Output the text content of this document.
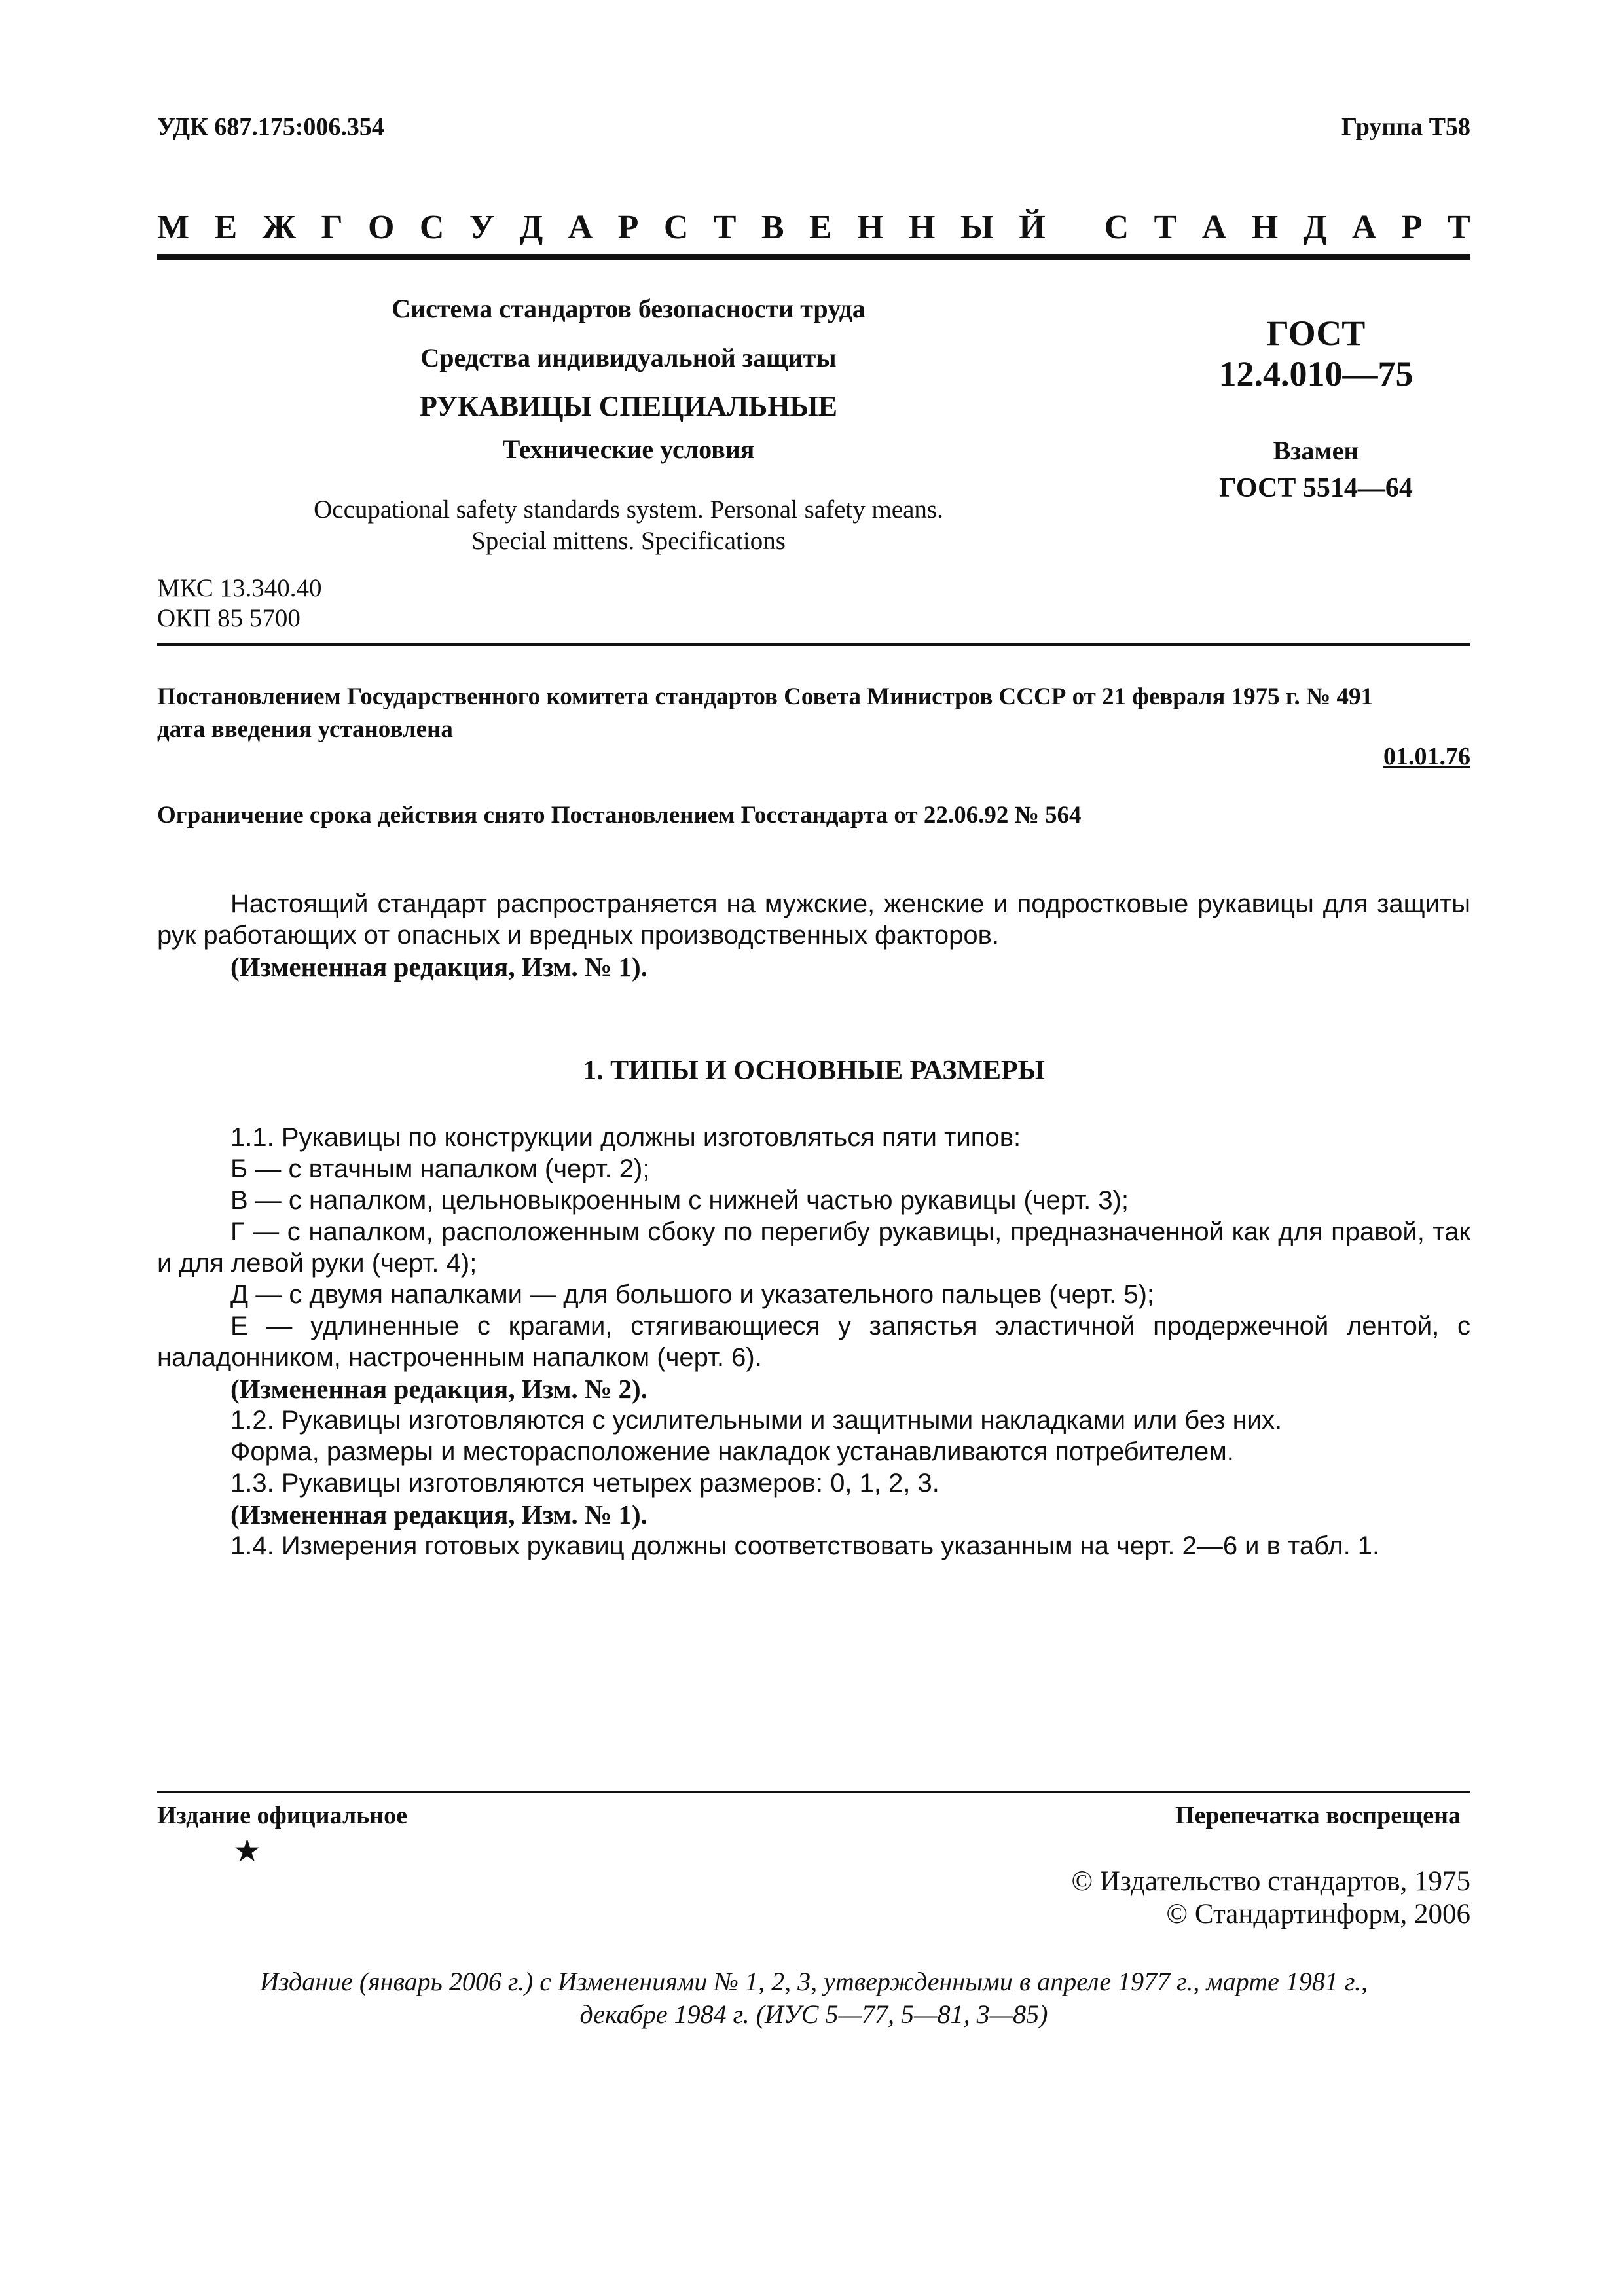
УДК 687.175:006.354	Группа Т58
М Е Ж Г О С У Д А Р С Т В Е Н Н Ы Й
С Т А Н Д А Р Т
Система стандартов безопасности труда
Средства индивидуальной защиты
РУКАВИЦЫ СПЕЦИАЛЬНЫЕ
Технические условия
Occupational safety standards system. Personal safety means.
Special mittens. Specifications
ГОСТ
12.4.010—75
Взамен
ГОСТ 5514—64
МКС 13.340.40
ОКП 85 5700
Постановлением Государственного комитета стандартов Совета Министров СССР от 21 февраля 1975 г. № 491
дата введения установлена
01.01.76
Ограничение срока действия снято Постановлением Госстандарта от 22.06.92 № 564

Настоящий стандарт распространяется на мужские, женские и подростковые рукавицы для защиты рук работающих от опасных и вредных производственных факторов.

(Измененная редакция, Изм. № 1).
1. ТИПЫ И ОСНОВНЫЕ РАЗМЕРЫ

1.1. Рукавицы по конструкции должны изготовляться пяти типов:

Б — с втачным напалком (черт. 2);

В — с напалком, цельновыкроенным с нижней частью рукавицы (черт. 3);

Г — с напалком, расположенным сбоку по перегибу рукавицы, предназначенной как для правой, так и для левой руки (черт. 4);

Д — с двумя напалками — для большого и указательного пальцев (черт. 5);

Е — удлиненные с крагами, стягивающиеся у запястья эластичной продержечной лентой, с наладонником, настроченным напалком (черт. 6).

(Измененная редакция, Изм. № 2).

1.2. Рукавицы изготовляются с усилительными и защитными накладками или без них.

Форма, размеры и месторасположение накладок устанавливаются потребителем.

1.3. Рукавицы изготовляются четырех размеров: 0, 1, 2, 3.

(Измененная редакция, Изм. № 1).

1.4. Измерения готовых рукавиц должны соответствовать указанным на черт. 2—6 и в табл. 1.

Издание официальное	Перепечатка воспрещена
★
© Издательство стандартов, 1975
© Стандартинформ, 2006
Издание (январь 2006 г.) с Изменениями № 1, 2, 3, утвержденными в апреле 1977 г., марте 1981 г.,
декабре 1984 г. (ИУС 5—77, 5—81, 3—85)
